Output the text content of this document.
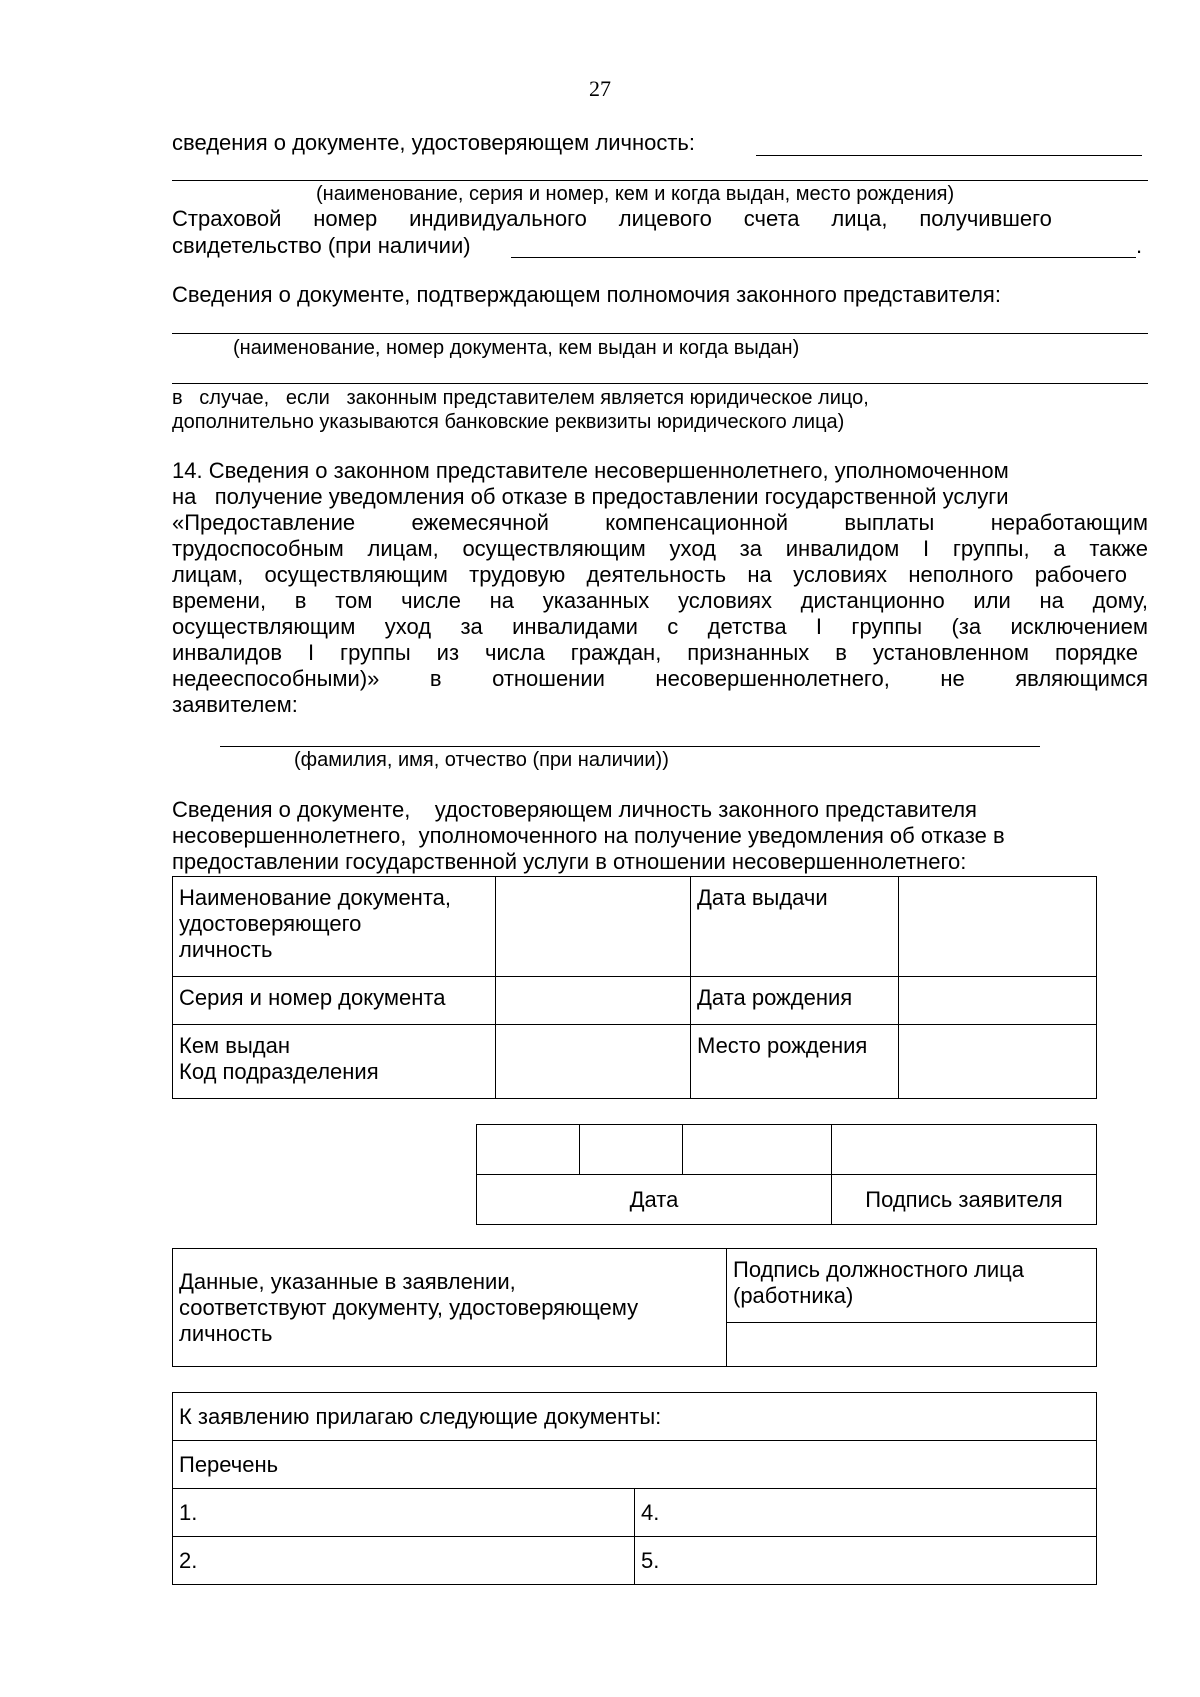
27
сведения о документе, удостоверяющем личность:
(наименование, серия и номер, кем и когда выдан, место рождения)
Страховой номер индивидуального лицевого счета лица, получившего
свидетельство (при наличии)	.
Сведения о документе, подтверждающем полномочия законного представителя:
(наименование, номер документа, кем выдан и когда выдан)
в   случае,   если   законным представителем является юридическое лицо,
дополнительно указываются банковские реквизиты юридического лица)
14. Сведения о законном представителе несовершеннолетнего, уполномоченном
на   получение уведомления об отказе в предоставлении государственной услуги
«Предоставление ежемесячной компенсационной выплаты неработающим
трудоспособным лицам, осуществляющим уход за инвалидом I группы, а также
лицам, осуществляющим трудовую деятельность на условиях неполного рабочего
времени, в том числе на указанных условиях дистанционно или на дому,
осуществляющим уход за инвалидами с детства I группы (за исключением
инвалидов I группы из числа граждан, признанных в установленном порядке
недееспособными)» в отношении несовершеннолетнего, не являющимся
заявителем:
(фамилия, имя, отчество (при наличии))
Сведения о документе,    удостоверяющем личность законного представителя
несовершеннолетнего,  уполномоченного на получение уведомления об отказе в
предоставлении государственной услуги в отношении несовершеннолетнего:
Наименование документа,
удостоверяющего
личность		Дата выдачи	
Серия и номер документа		Дата рождения	
Кем выдан
Код подразделения		Место рождения	

Дата			Подпись заявителя
Данные, указанные в заявлении,
соответствуют документу, удостоверяющему
личность	Подпись должностного лица
(работника)

К заявлению прилагаю следующие документы:	
Перечень	
1.	4.
2.	5.
